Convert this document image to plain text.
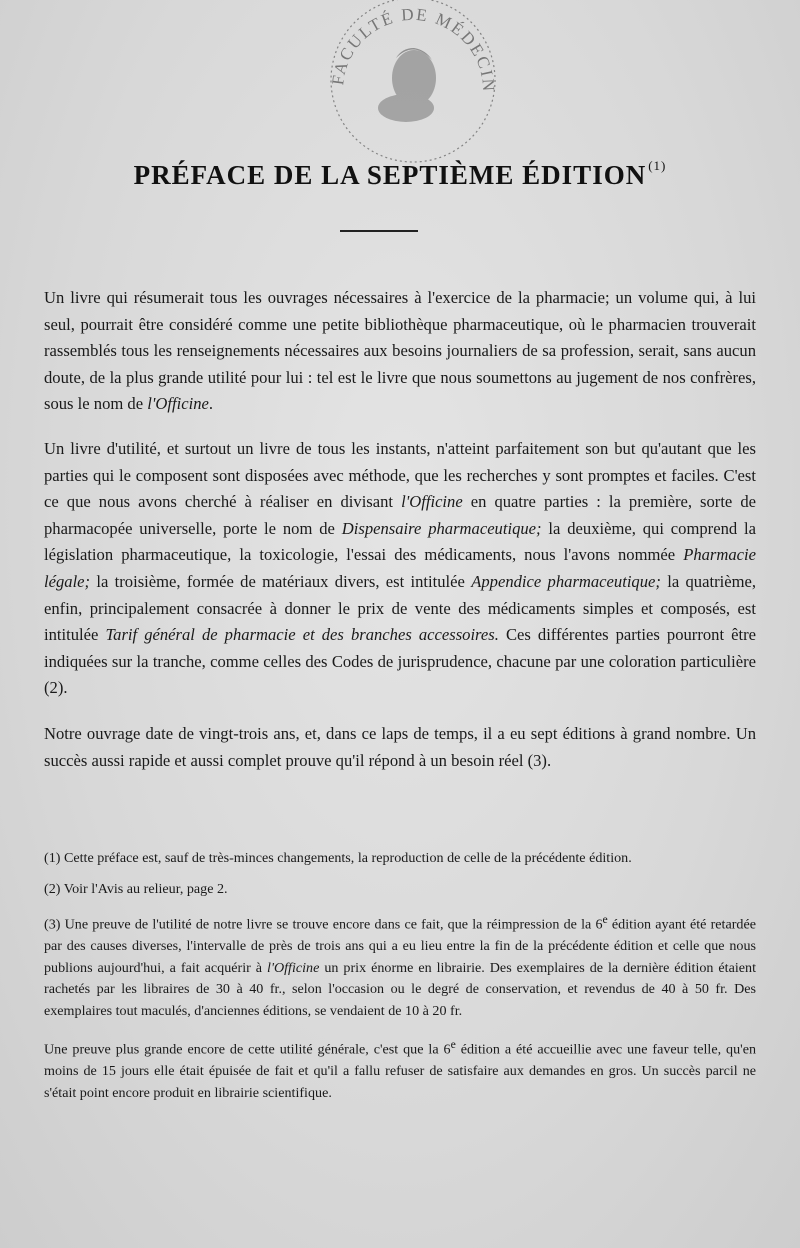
FACULTÉ DE MÉDECIN
PRÉFACE DE LA SEPTIÈME ÉDITION $^{(1)}$

Un livre qui résumerait tous les ouvrages nécessaires à l'exercice de la pharmacie; un volume qui, à lui seul, pourrait être considéré comme une petite bibliothèque pharmaceutique, où le pharmacien trouverait rassemblés tous les renseignements nécessaires aux besoins journaliers de sa profession, serait, sans aucun doute, de la plus grande utilité pour lui : tel est le livre que nous soumettons au jugement de nos confrères, sous le nom de l'Officine.

Un livre d'utilité, et surtout un livre de tous les instants, n'atteint parfaitement son but qu'autant que les parties qui le composent sont disposées avec méthode, que les recherches y sont promptes et faciles. C'est ce que nous avons cherché à réaliser en divisant l'Officine en quatre parties : la première, sorte de pharmacopée universelle, porte le nom de Dispensaire pharmaceutique; la deuxième, qui comprend la législation pharmaceutique, la toxicologie, l'essai des médicaments, nous l'avons nommée Pharmacie légale; la troisième, formée de matériaux divers, est intitulée Appendice pharmaceutique; la quatrième, enfin, principalement consacrée à donner le prix de vente des médicaments simples et composés, est intitulée Tarif général de pharmacie et des branches accessoires. Ces différentes parties pourront être indiquées sur la tranche, comme celles des Codes de jurisprudence, chacune par une coloration particulière (2).

Notre ouvrage date de vingt-trois ans, et, dans ce laps de temps, il a eu sept éditions à grand nombre. Un succès aussi rapide et aussi complet prouve qu'il répond à un besoin réel (3).

(1) Cette préface est, sauf de très-minces changements, la reproduction de celle de la précédente édition.

(2) Voir l'Avis au relieur, page 2.

(3) Une preuve de l'utilité de notre livre se trouve encore dans ce fait, que la réimpression de la 6e édition ayant été retardée par des causes diverses, l'intervalle de près de trois ans qui a eu lieu entre la fin de la précédente édition et celle que nous publions aujourd'hui, a fait acquérir à l'Officine un prix énorme en librairie. Des exemplaires de la dernière édition étaient rachetés par les libraires de 30 à 40 fr., selon l'occasion ou le degré de conservation, et revendus de 40 à 50 fr. Des exemplaires tout maculés, d'anciennes éditions, se vendaient de 10 à 20 fr.

Une preuve plus grande encore de cette utilité générale, c'est que la 6e édition a été accueillie avec une faveur telle, qu'en moins de 15 jours elle était épuisée de fait et qu'il a fallu refuser de satisfaire aux demandes en gros. Un succès parcil ne s'était point encore produit en librairie scientifique.
